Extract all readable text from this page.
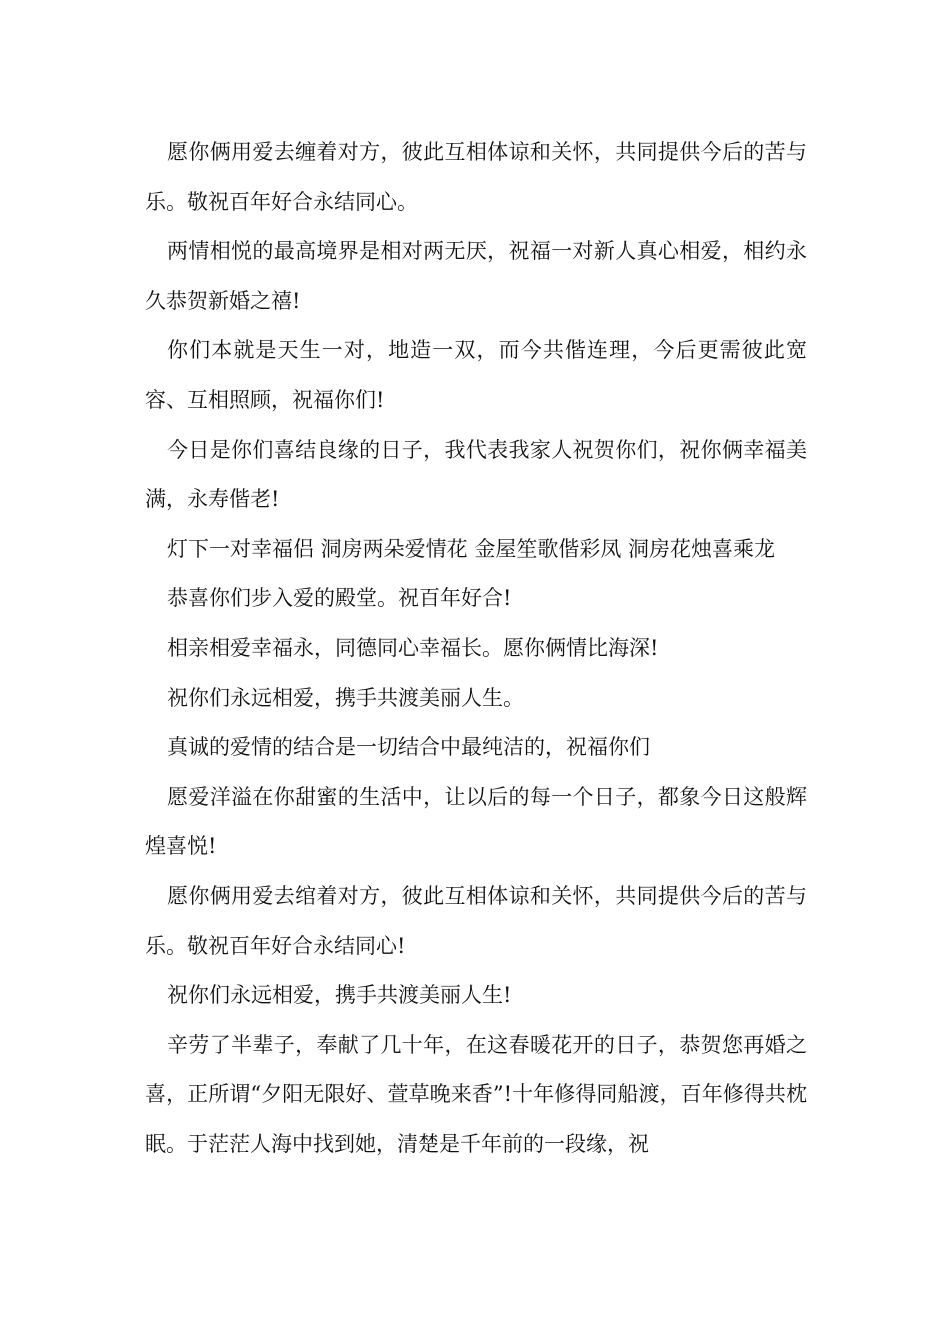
愿你俩用爱去缠着对方，彼此互相体谅和关怀，共同提供今后的苦与乐。敬祝百年好合永结同心。

两情相悦的最高境界是相对两无厌，祝福一对新人真心相爱，相约永久恭贺新婚之禧!

你们本就是天生一对，地造一双，而今共偕连理，今后更需彼此宽容、互相照顾，祝福你们!

今日是你们喜结良缘的日子，我代表我家人祝贺你们，祝你俩幸福美满，永寿偕老!

灯下一对幸福侣 洞房两朵爱情花 金屋笙歌偕彩凤 洞房花烛喜乘龙

恭喜你们步入爱的殿堂。祝百年好合!

相亲相爱幸福永，同德同心幸福长。愿你俩情比海深!

祝你们永远相爱，携手共渡美丽人生。

真诚的爱情的结合是一切结合中最纯洁的，祝福你们

愿爱洋溢在你甜蜜的生活中，让以后的每一个日子，都象今日这般辉煌喜悦!

愿你俩用爱去绾着对方，彼此互相体谅和关怀，共同提供今后的苦与乐。敬祝百年好合永结同心!

祝你们永远相爱，携手共渡美丽人生!

辛劳了半辈子，奉献了几十年，在这春暖花开的日子，恭贺您再婚之喜，正所谓“夕阳无限好、萱草晚来香”!十年修得同船渡，百年修得共枕眠。于茫茫人海中找到她，清楚是千年前的一段缘，祝
